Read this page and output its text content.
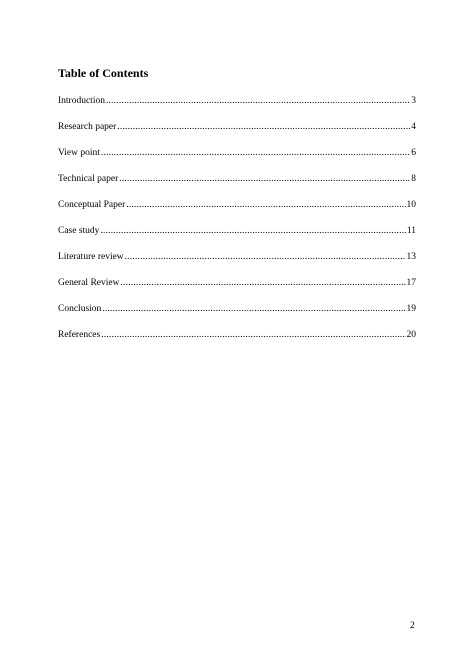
Table of Contents
Introduction .....	3
Research paper .....	4
View point .....	6
Technical paper .....	8
Conceptual Paper .....	10
Case study .....	11
Literature review .....	13
General Review .....	17
Conclusion .....	19
References .....	20
2
